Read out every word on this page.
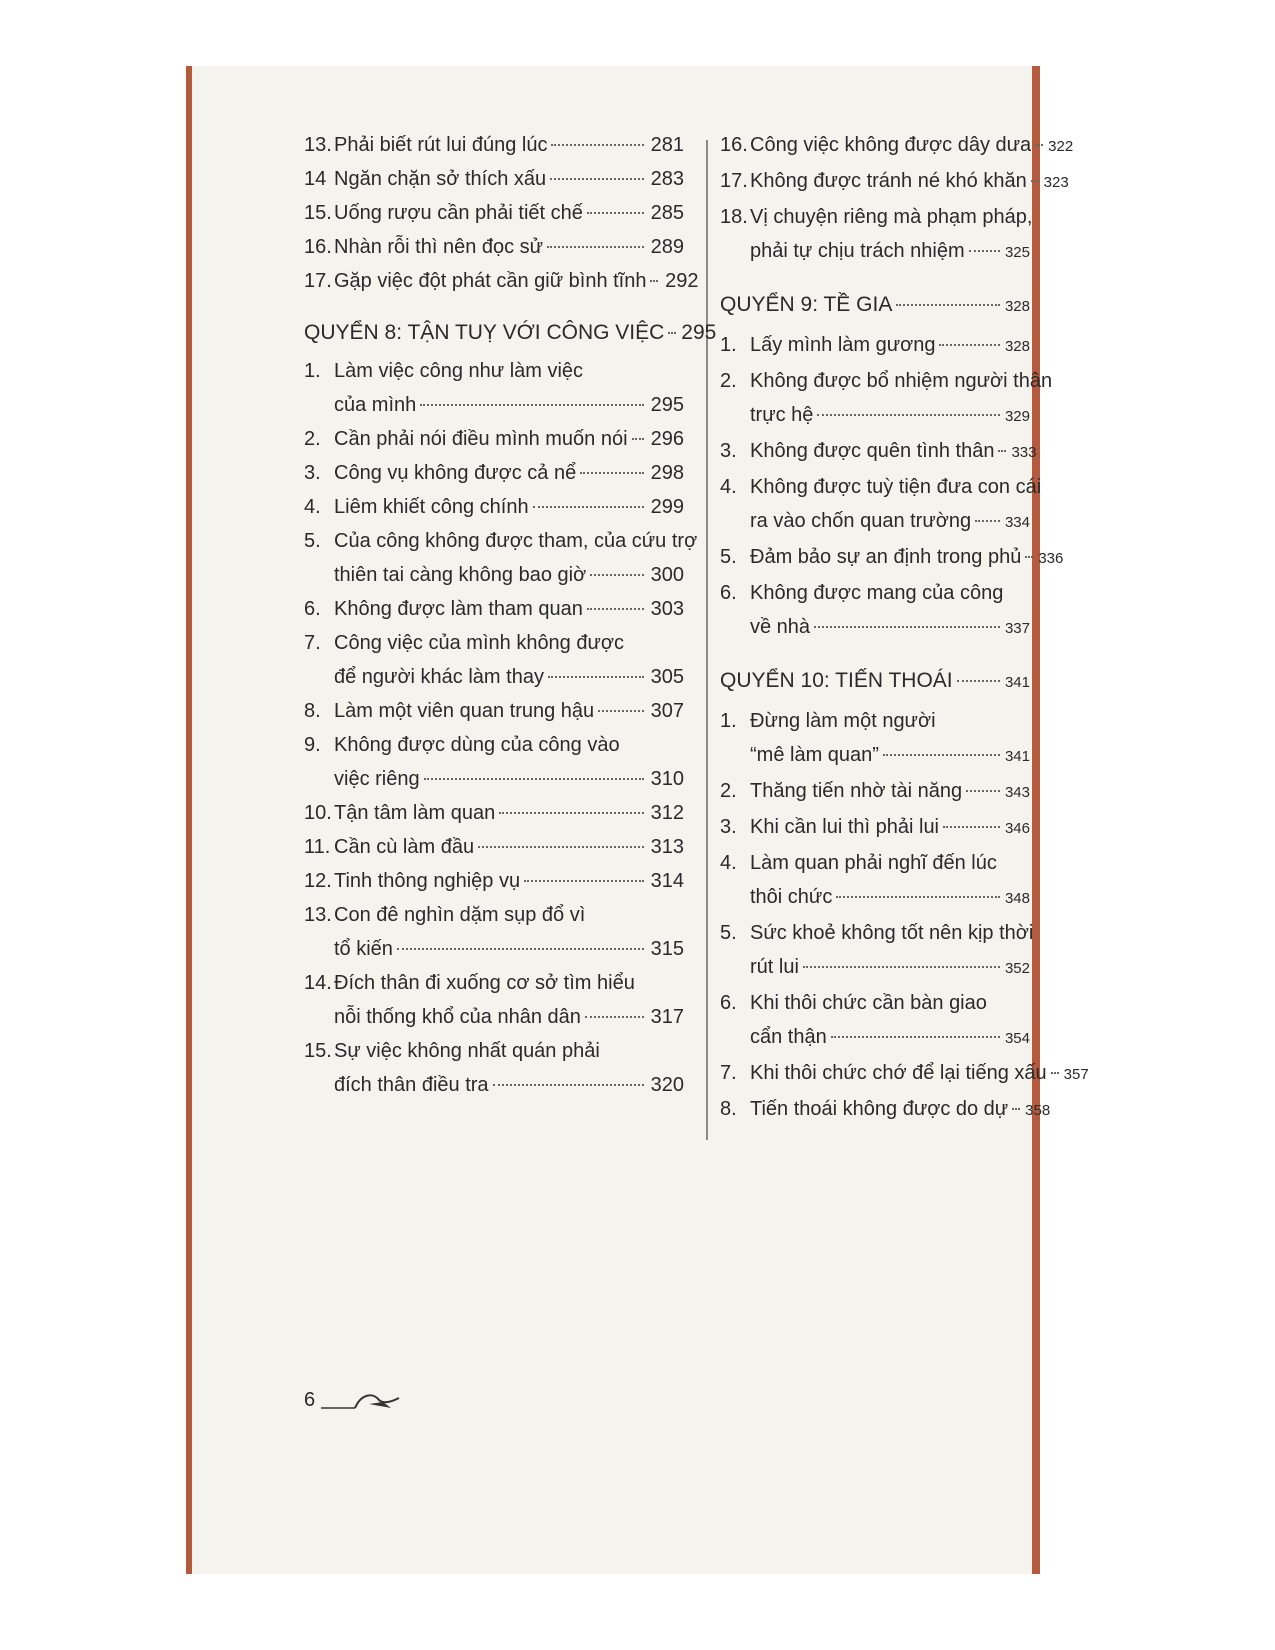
13. Phải biết rút lui đúng lúc	281
14 Ngăn chặn sở thích xấu	283
15. Uống rượu cần phải tiết chế	285
16. Nhàn rỗi thì nên đọc sử	289
17. Gặp việc đột phát cần giữ bình tĩnh 292
QUYỂN 8: TẬN TUỴ VỚI CÔNG VIỆC 295
1. Làm việc công như làm việc
của mình	295
2. Cần phải nói điều mình muốn nói 296
3. Công vụ không được cả nể	298
4. Liêm khiết công chính	299
5. Của công không được tham, của cứu trợ
thiên tai càng không bao giờ	300
6. Không được làm tham quan	303
7. Công việc của mình không được
để người khác làm thay	305
8. Làm một viên quan trung hậu	307
9. Không được dùng của công vào
việc riêng	310
10. Tận tâm làm quan	312
11. Cần cù làm đầu	313
12. Tinh thông nghiệp vụ	314
13. Con đê nghìn dặm sụp đổ vì
tổ kiến	315
14. Đích thân đi xuống cơ sở tìm hiểu
nỗi thống khổ của nhân dân	317
15. Sự việc không nhất quán phải
đích thân điều tra	320
16. Công việc không được dây dưa 322
17. Không được tránh né khó khăn 323
18. Vị chuyện riêng mà phạm pháp,
phải tự chịu trách nhiệm	325
QUYỂN 9: TỀ GIA	328
1. Lấy mình làm gương	328
2. Không được bổ nhiệm người thân
trực hệ	329
3. Không được quên tình thân 333
4. Không được tuỳ tiện đưa con cái
ra vào chốn quan trường 334
5. Đảm bảo sự an định trong phủ 336
6. Không được mang của công
về nhà	337
QUYỂN 10: TIẾN THOÁI	341
1. Đừng làm một người
“mê làm quan”	341
2. Thăng tiến nhờ tài năng	343
3. Khi cần lui thì phải lui	346
4. Làm quan phải nghĩ đến lúc
thôi chức	348
5. Sức khoẻ không tốt nên kịp thời
rút lui	352
6. Khi thôi chức cần bàn giao
cẩn thận	354
7. Khi thôi chức chớ để lại tiếng xấu 357
8. Tiến thoái không được do dự 358
6
